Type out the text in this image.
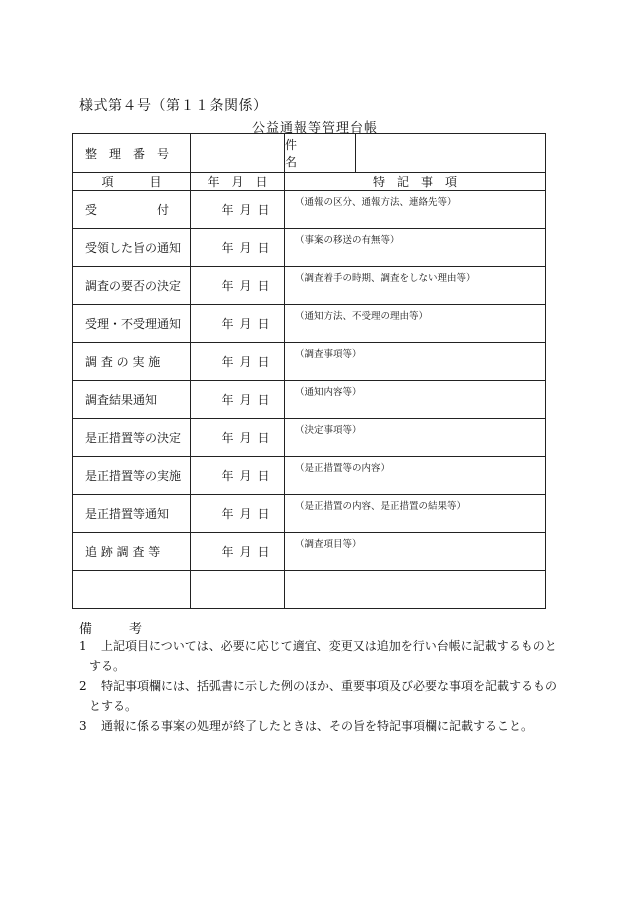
様式第４号（第１１条関係）
公益通報等管理台帳
整　理　番　号		件　名

項　　　目	年　月　日	特　記　事　項
受　　　　　付	年 月 日	（通報の区分、通報方法、連絡先等）
受領した旨の通知	年 月 日	（事案の移送の有無等）
調査の要否の決定	年 月 日	（調査着手の時期、調査をしない理由等）
受理・不受理通知	年 月 日	（通知方法、不受理の理由等）
調 査 の 実 施	年 月 日	（調査事項等）
調査結果通知	年 月 日	（通知内容等）
是正措置等の決定	年 月 日	（決定事項等）
是正措置等の実施	年 月 日	（是正措置等の内容）
是正措置等通知	年 月 日	（是正措置の内容、是正措置の結果等）
追 跡 調 査 等	年 月 日	（調査項目等）

備　考
1 上記項目については、必要に応じて適宜、変更又は追加を行い台帳に記載するものと
する。
2 特記事項欄には、括弧書に示した例のほか、重要事項及び必要な事項を記載するもの
とする。
3 通報に係る事案の処理が終了したときは、その旨を特記事項欄に記載すること。
